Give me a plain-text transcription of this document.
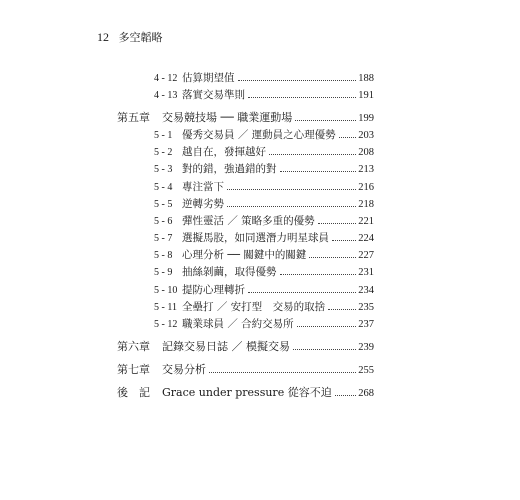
12 多空韜略
4 - 12 估算期望值	188
4 - 13 落實交易準則	191
第五章	交易競技場 ── 職業運動場	199
5 - 1 優秀交易員 ／ 運動員之心理優勢 203
5 - 2 越自在，發揮越好	208
5 - 3 對的錯，強過錯的對	213
5 - 4 專注當下	216
5 - 5 逆轉劣勢	218
5 - 6 彈性靈活 ／ 策略多重的優勢	221
5 - 7 選擬馬股，如同選潛力明星球員	224
5 - 8 心理分析 ── 關鍵中的關鍵	227
5 - 9 抽絲剝繭，取得優勢	231
5 - 10 提防心理轉折	234
5 - 11 全壘打 ／ 安打型　交易的取捨	235
5 - 12 職業球員 ／ 合約交易所	237
第六章	記錄交易日誌 ／ 模擬交易	239
第七章	交易分析	255
後　記	Grace under pressure 從容不迫	268
